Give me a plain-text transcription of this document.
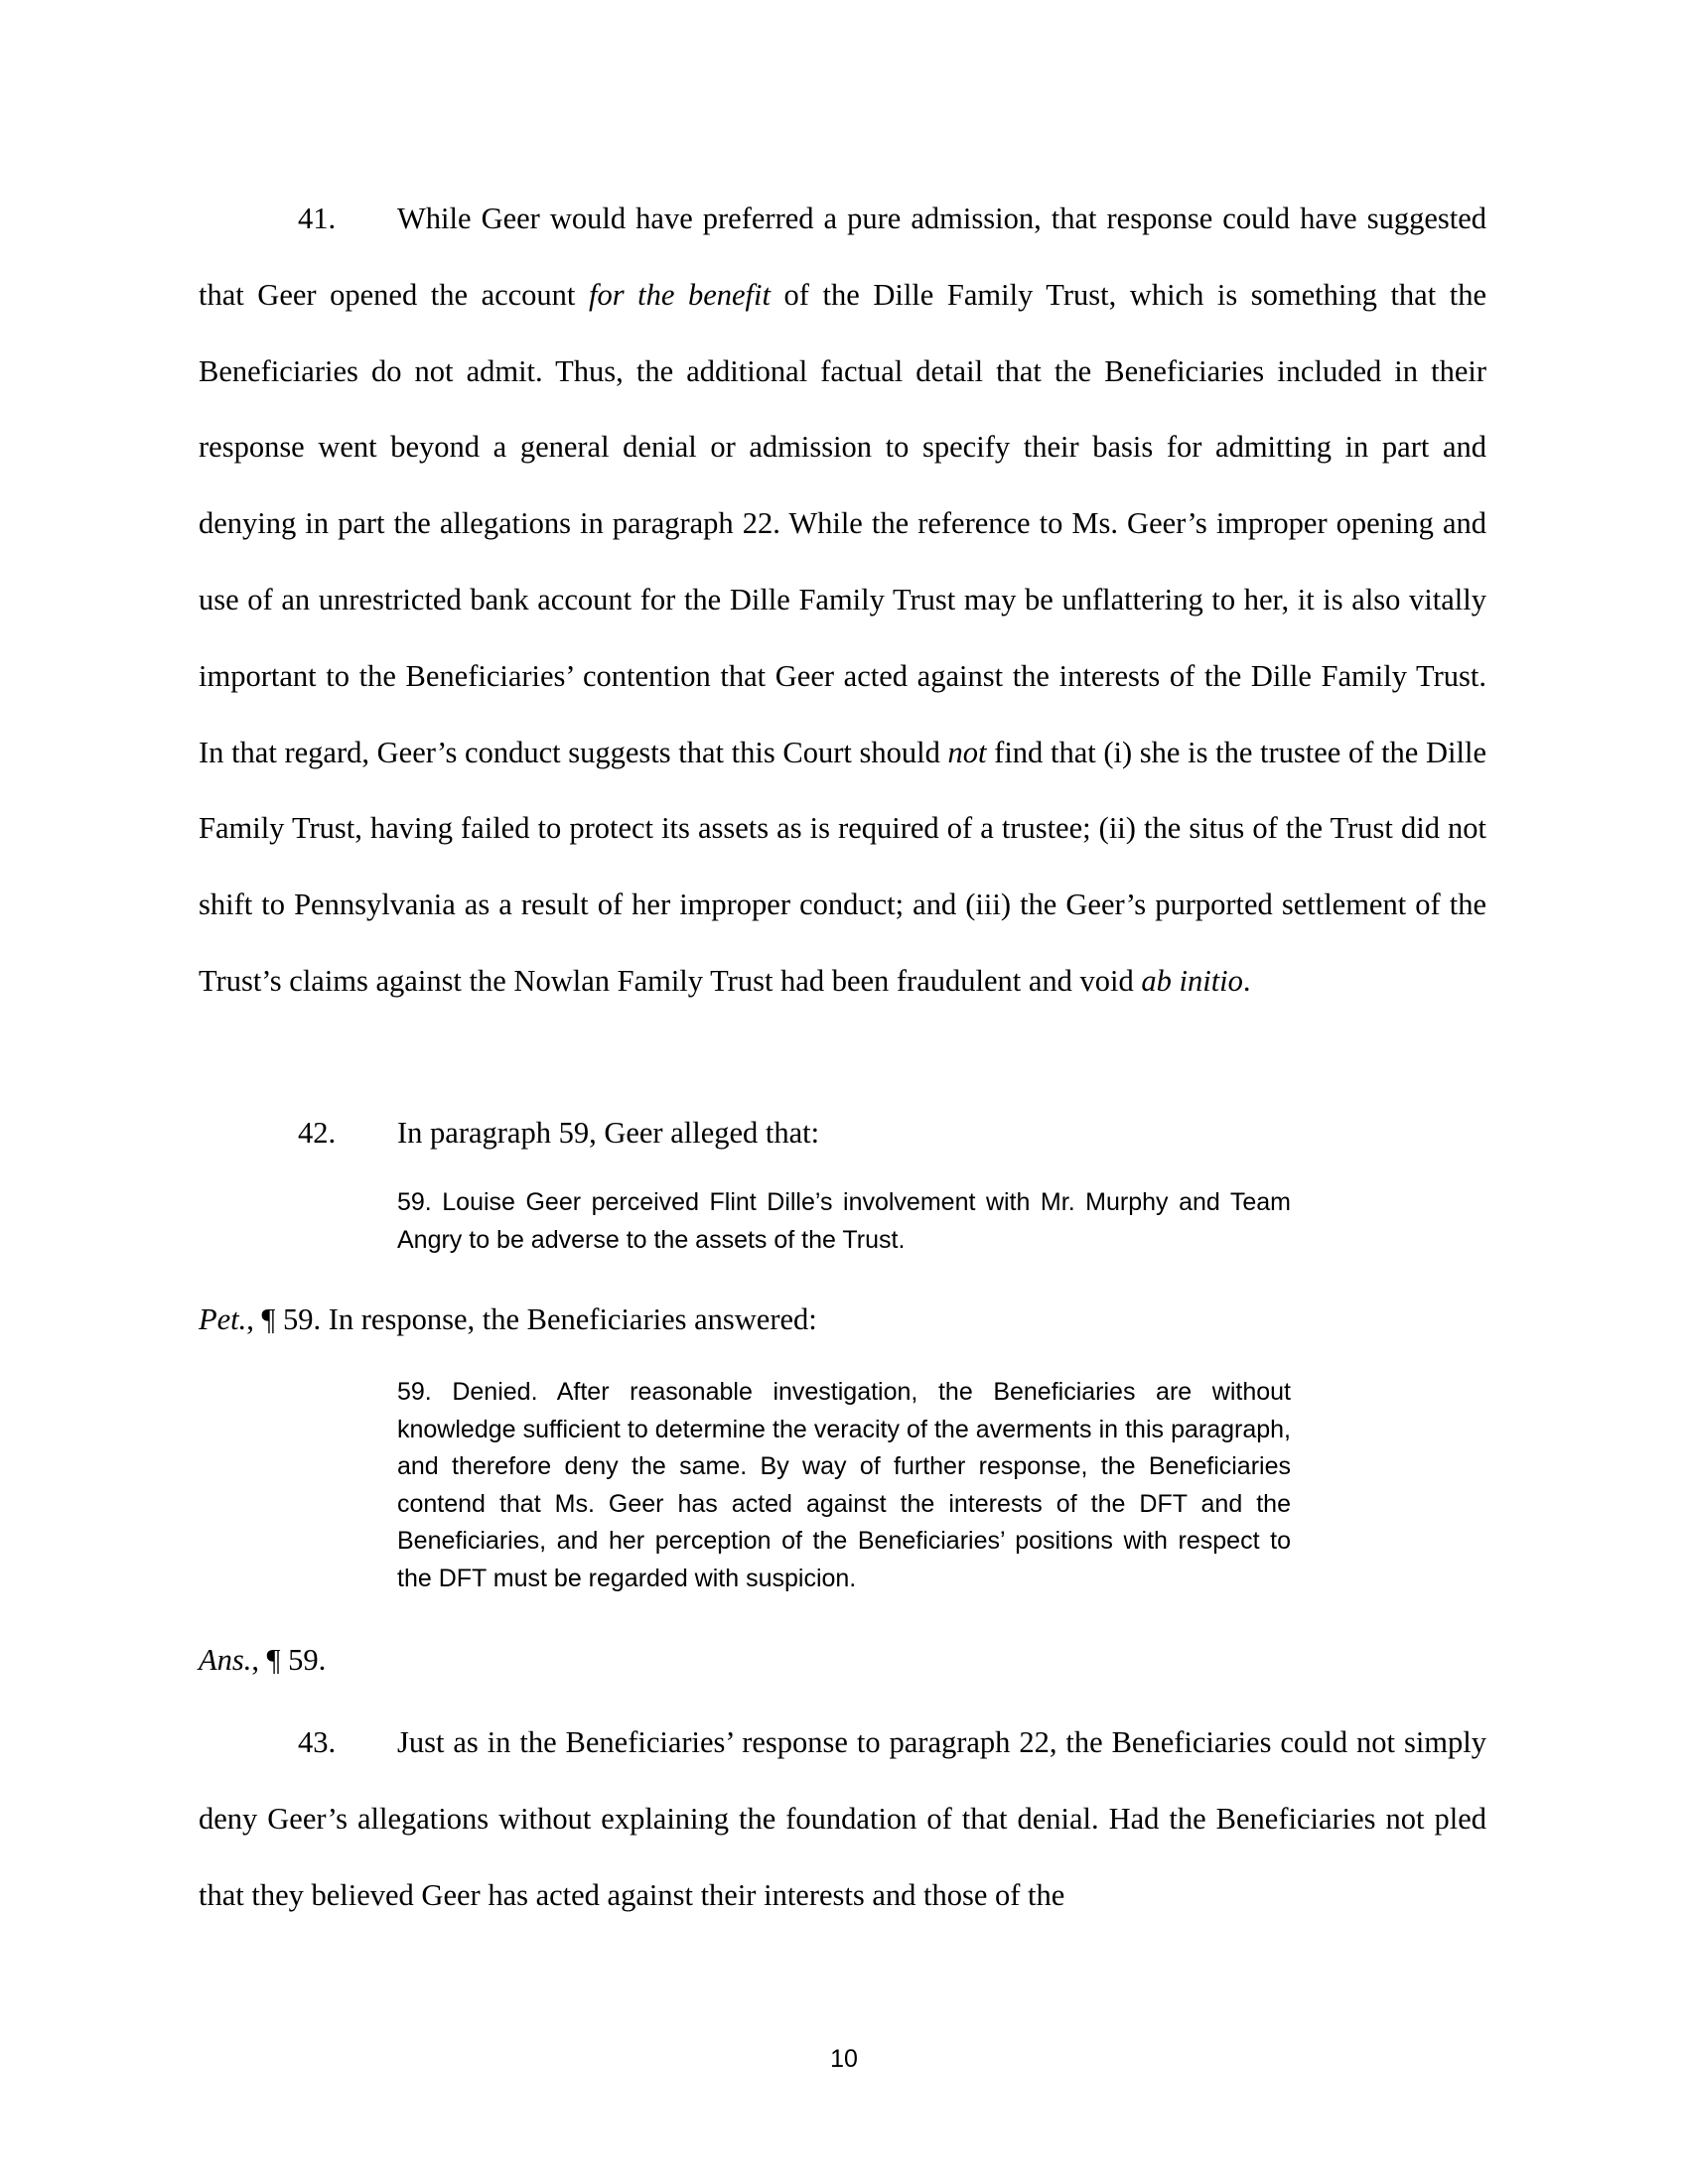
41. While Geer would have preferred a pure admission, that response could have suggested that Geer opened the account for the benefit of the Dille Family Trust, which is something that the Beneficiaries do not admit. Thus, the additional factual detail that the Beneficiaries included in their response went beyond a general denial or admission to specify their basis for admitting in part and denying in part the allegations in paragraph 22. While the reference to Ms. Geer’s improper opening and use of an unrestricted bank account for the Dille Family Trust may be unflattering to her, it is also vitally important to the Beneficiaries’ contention that Geer acted against the interests of the Dille Family Trust. In that regard, Geer’s conduct suggests that this Court should not find that (i) she is the trustee of the Dille Family Trust, having failed to protect its assets as is required of a trustee; (ii) the situs of the Trust did not shift to Pennsylvania as a result of her improper conduct; and (iii) the Geer’s purported settlement of the Trust’s claims against the Nowlan Family Trust had been fraudulent and void ab initio.

42. In paragraph 59, Geer alleged that:

59. Louise Geer perceived Flint Dille’s involvement with Mr. Murphy and Team Angry to be adverse to the assets of the Trust.

Pet., ¶ 59. In response, the Beneficiaries answered:

59. Denied. After reasonable investigation, the Beneficiaries are without knowledge sufficient to determine the veracity of the averments in this paragraph, and therefore deny the same. By way of further response, the Beneficiaries contend that Ms. Geer has acted against the interests of the DFT and the Beneficiaries, and her perception of the Beneficiaries’ positions with respect to the DFT must be regarded with suspicion.

Ans., ¶ 59.

43. Just as in the Beneficiaries’ response to paragraph 22, the Beneficiaries could not simply deny Geer’s allegations without explaining the foundation of that denial. Had the Beneficiaries not pled that they believed Geer has acted against their interests and those of the

10
